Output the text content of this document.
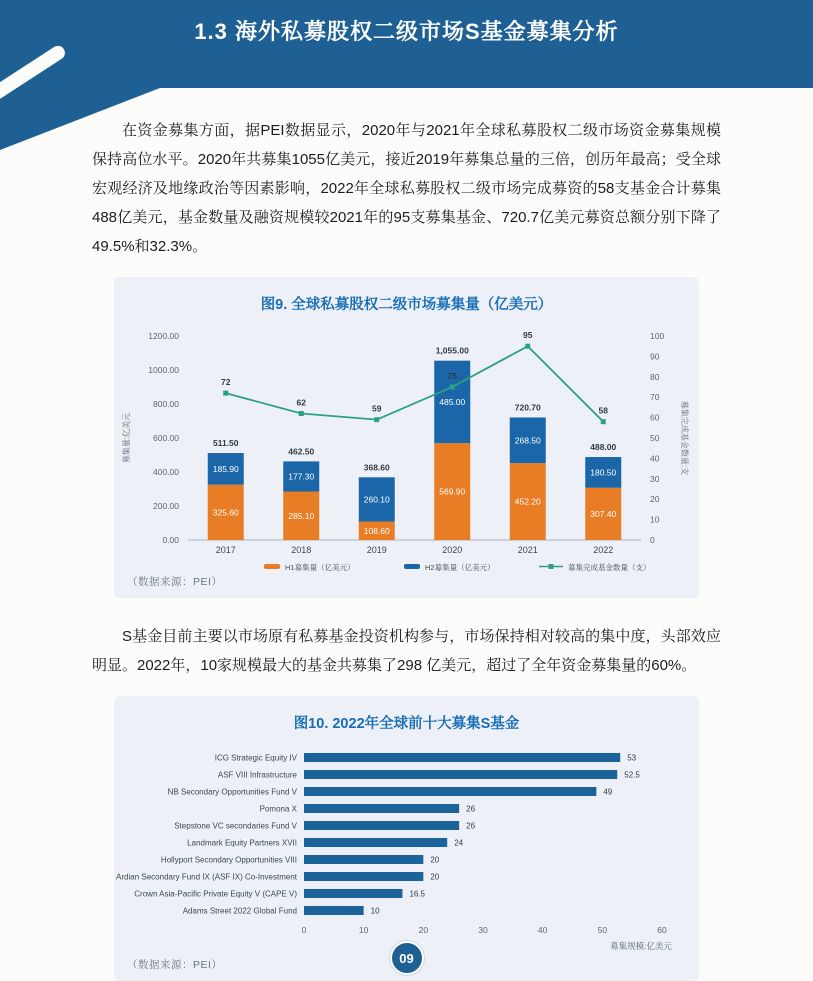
1.3 海外私募股权二级市场S基金募集分析

在资金募集方面，据PEI数据显示，2020年与2021年全球私募股权二级市场资金募集规模保持高位水平。2020年共募集1055亿美元，接近2019年募集总量的三倍，创历年最高；受全球宏观经济及地缘政治等因素影响，2022年全球私募股权二级市场完成募资的58支基金合计募集488亿美元，基金数量及融资规模较2021年的95支募集基金、720.7亿美元募资总额分别下降了49.5%和32.3%。

图9. 全球私募股权二级市场募集量（亿美元）
0.00
200.00
400.00
600.00
800.00
1000.00
1200.00
0
10
20
30
40
50
60
70
80
90
100
募集量:亿美元	募集完成基金数量:支
325.60
185.90
511.50
2017
285.10
177.30
462.50
2018
108.60
260.10
368.60
2019
569.90
485.00
1,055.00
2020
452.20
268.50
720.70
2021
307.40
180.50
488.00
2022
72
62
59
75
95
58
H1募集量（亿美元）	H2募集量（亿美元）	募集完成基金数量（支）
（数据来源：PEI）

S基金目前主要以市场原有私募基金投资机构参与，市场保持相对较高的集中度，头部效应明显。2022年，10家规模最大的基金共募集了298 亿美元，超过了全年资金募集量的60%。

图10. 2022年全球前十大募集S基金
ICG Strategic Equity IV	53
ASF VIII Infrastructure	52.5
NB Secondary Opportunities Fund V	49
Pomona X	26
Stepstone VC secondaries Fund V	26
Landmark Equity Partners XVII	24
Hollyport Secondary Opportunities VIII	20
Ardian Secondary Fund IX (ASF IX) Co-Investment	20
Crown Asia-Pacific Private Equity V (CAPE V)	16.5
Adams Street 2022 Global Fund	10
0	10	20	30	40	50	60
募集规模:亿美元
（数据来源：PEI）	09
